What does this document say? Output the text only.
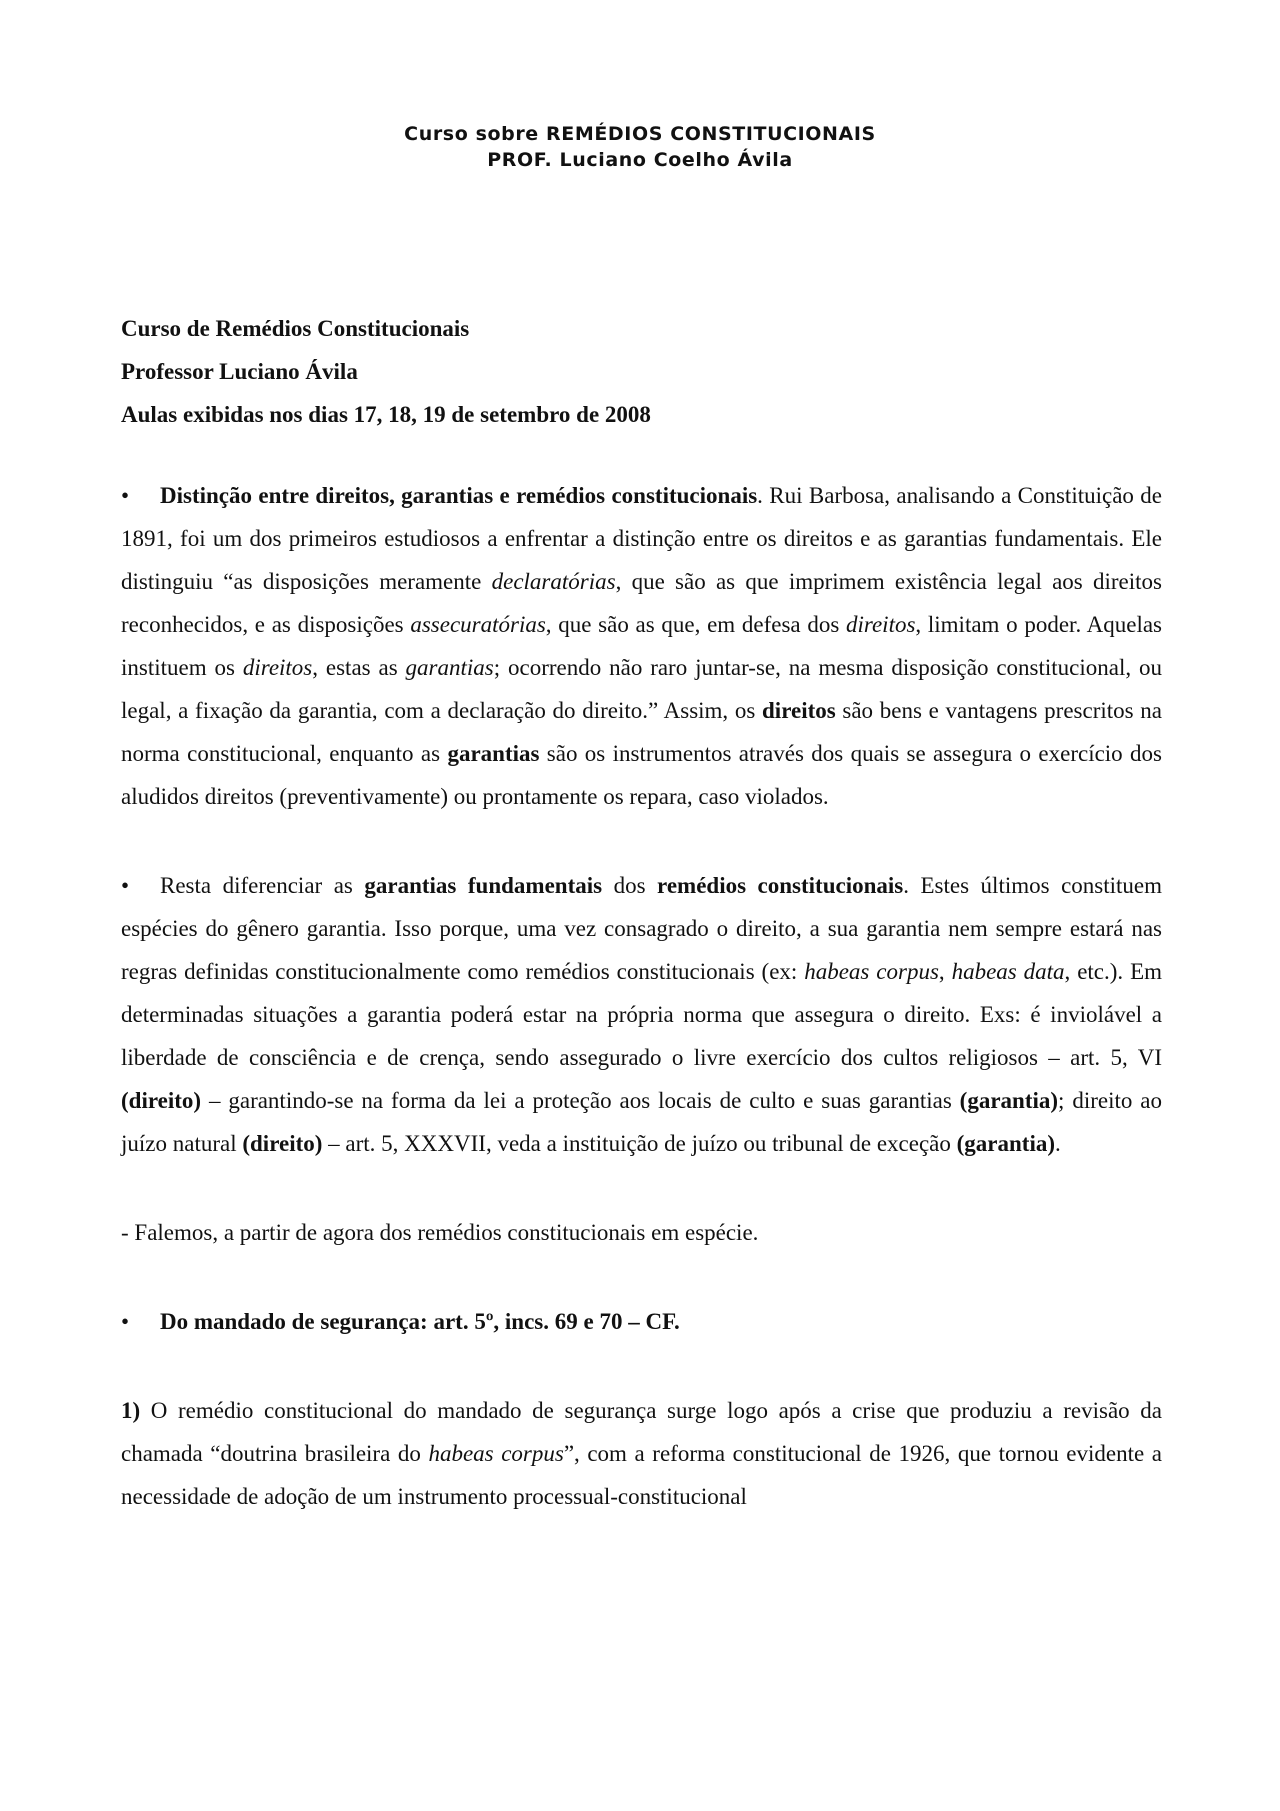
Curso sobre REMÉDIOS CONSTITUCIONAIS
PROF. Luciano Coelho Ávila
Curso de Remédios Constitucionais
Professor Luciano Ávila
Aulas exibidas nos dias 17, 18, 19 de setembro de 2008

• Distinção entre direitos, garantias e remédios constitucionais. Rui Barbosa, analisando a Constituição de 1891, foi um dos primeiros estudiosos a enfrentar a distinção entre os direitos e as garantias fundamentais. Ele distinguiu “as disposições meramente declaratórias, que são as que imprimem existência legal aos direitos reconhecidos, e as disposições assecuratórias, que são as que, em defesa dos direitos, limitam o poder. Aquelas instituem os direitos, estas as garantias; ocorrendo não raro juntar-se, na mesma disposição constitucional, ou legal, a fixação da garantia, com a declaração do direito.” Assim, os direitos são bens e vantagens prescritos na norma constitucional, enquanto as garantias são os instrumentos através dos quais se assegura o exercício dos aludidos direitos (preventivamente) ou prontamente os repara, caso violados.

• Resta diferenciar as garantias fundamentais dos remédios constitucionais. Estes últimos constituem espécies do gênero garantia. Isso porque, uma vez consagrado o direito, a sua garantia nem sempre estará nas regras definidas constitucionalmente como remédios constitucionais (ex: habeas corpus, habeas data, etc.). Em determinadas situações a garantia poderá estar na própria norma que assegura o direito. Exs: é inviolável a liberdade de consciência e de crença, sendo assegurado o livre exercício dos cultos religiosos – art. 5, VI (direito) – garantindo-se na forma da lei a proteção aos locais de culto e suas garantias (garantia); direito ao juízo natural (direito) – art. 5, XXXVII, veda a instituição de juízo ou tribunal de exceção (garantia).

- Falemos, a partir de agora dos remédios constitucionais em espécie.

• Do mandado de segurança: art. 5º, incs. 69 e 70 – CF.

1) O remédio constitucional do mandado de segurança surge logo após a crise que produziu a revisão da chamada “doutrina brasileira do habeas corpus”, com a reforma constitucional de 1926, que tornou evidente a necessidade de adoção de um instrumento processual-constitucional
